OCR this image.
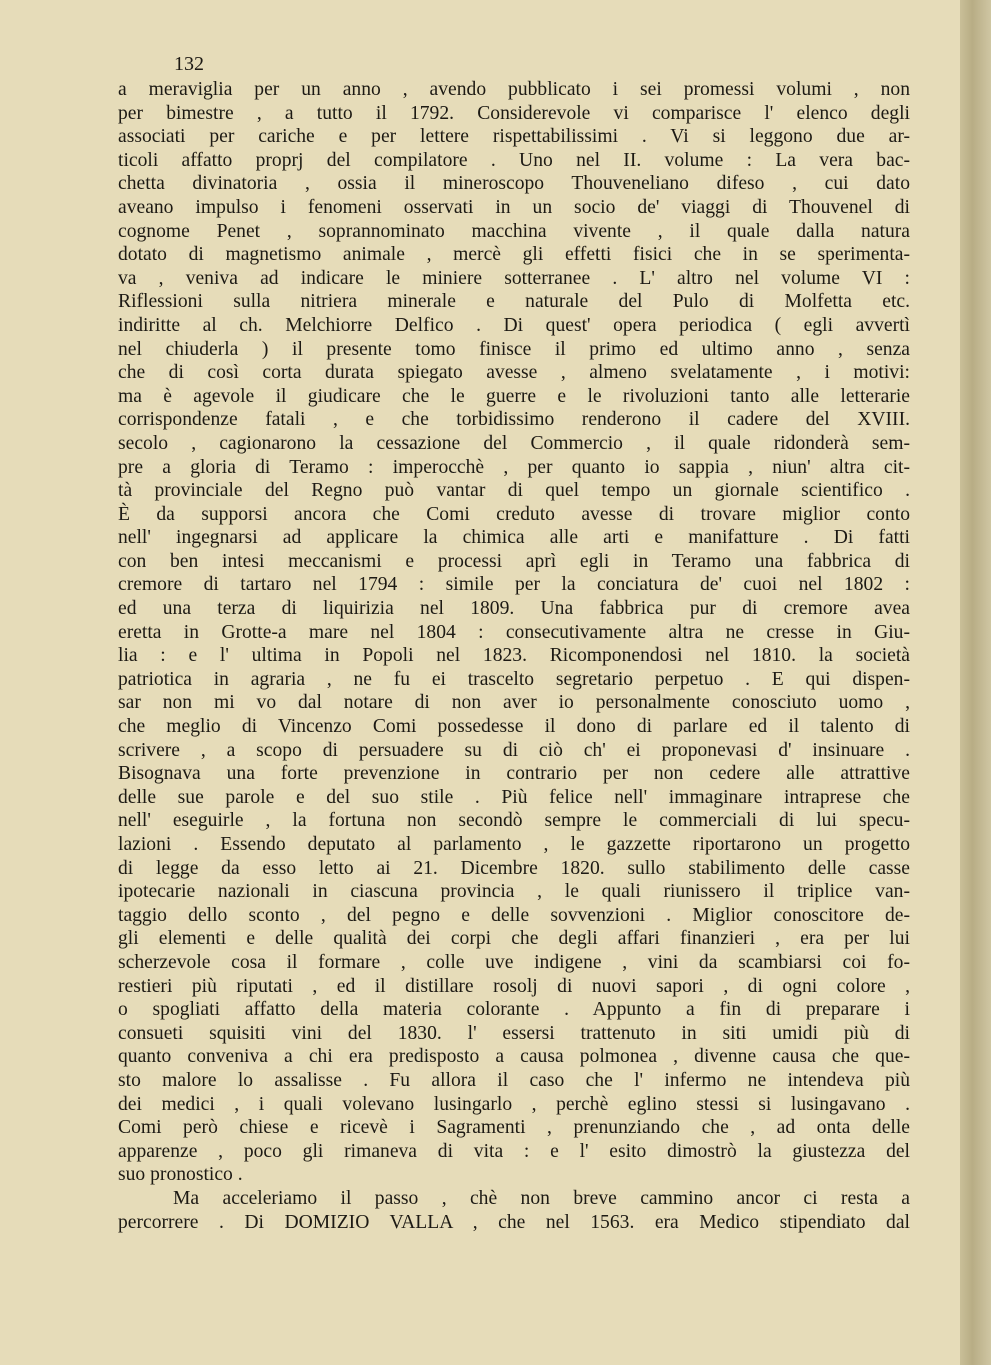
132
a meraviglia per un anno , avendo pubblicato i sei promessi volumi , non
per bimestre , a tutto il 1792. Considerevole vi comparisce l' elenco degli
associati per cariche e per lettere rispettabilissimi . Vi si leggono due ar-
ticoli affatto proprj del compilatore . Uno nel II. volume : La vera bac-
chetta divinatoria , ossia il mineroscopo Thouveneliano difeso , cui dato
aveano impulso i fenomeni osservati in un socio de' viaggi di Thouvenel di
cognome Penet , soprannominato macchina vivente , il quale dalla natura
dotato di magnetismo animale , mercè gli effetti fisici che in se sperimenta-
va , veniva ad indicare le miniere sotterranee . L' altro nel volume VI :
Riflessioni sulla nitriera minerale e naturale del Pulo di Molfetta etc.
indiritte al ch. Melchiorre Delfico . Di quest' opera periodica ( egli avvertì
nel chiuderla ) il presente tomo finisce il primo ed ultimo anno , senza
che di così corta durata spiegato avesse , almeno svelatamente , i motivi:
ma è agevole il giudicare che le guerre e le rivoluzioni tanto alle letterarie
corrispondenze fatali , e che torbidissimo renderono il cadere del XVIII.
secolo , cagionarono la cessazione del Commercio , il quale ridonderà sem-
pre a gloria di Teramo : imperocchè , per quanto io sappia , niun' altra cit-
tà provinciale del Regno può vantar di quel tempo un giornale scientifico .
È da supporsi ancora che Comi creduto avesse di trovare miglior conto
nell' ingegnarsi ad applicare la chimica alle arti e manifatture . Di fatti
con ben intesi meccanismi e processi aprì egli in Teramo una fabbrica di
cremore di tartaro nel 1794 : simile per la conciatura de' cuoi nel 1802 :
ed una terza di liquirizia nel 1809. Una fabbrica pur di cremore avea
eretta in Grotte-a mare nel 1804 : consecutivamente altra ne cresse in Giu-
lia : e l' ultima in Popoli nel 1823. Ricomponendosi nel 1810. la società
patriotica in agraria , ne fu ei trascelto segretario perpetuo . E qui dispen-
sar non mi vo dal notare di non aver io personalmente conosciuto uomo ,
che meglio di Vincenzo Comi possedesse il dono di parlare ed il talento di
scrivere , a scopo di persuadere su di ciò ch' ei proponevasi d' insinuare .
Bisognava una forte prevenzione in contrario per non cedere alle attrattive
delle sue parole e del suo stile . Più felice nell' immaginare intraprese che
nell' eseguirle , la fortuna non secondò sempre le commerciali di lui specu-
lazioni . Essendo deputato al parlamento , le gazzette riportarono un progetto
di legge da esso letto ai 21. Dicembre 1820. sullo stabilimento delle casse
ipotecarie nazionali in ciascuna provincia , le quali riunissero il triplice van-
taggio dello sconto , del pegno e delle sovvenzioni . Miglior conoscitore de-
gli elementi e delle qualità dei corpi che degli affari finanzieri , era per lui
scherzevole cosa il formare , colle uve indigene , vini da scambiarsi coi fo-
restieri più riputati , ed il distillare rosolj di nuovi sapori , di ogni colore ,
o spogliati affatto della materia colorante . Appunto a fin di preparare i
consueti squisiti vini del 1830. l' essersi trattenuto in siti umidi più di
quanto conveniva a chi era predisposto a causa polmonea , divenne causa che que-
sto malore lo assalisse . Fu allora il caso che l' infermo ne intendeva più
dei medici , i quali volevano lusingarlo , perchè eglino stessi si lusingavano .
Comi però chiese e ricevè i Sagramenti , prenunziando che , ad onta delle
apparenze , poco gli rimaneva di vita : e l' esito dimostrò la giustezza del
suo pronostico .
Ma acceleriamo il passo , chè non breve cammino ancor ci resta a
percorrere . Di DOMIZIO VALLA , che nel 1563. era Medico stipendiato dal
